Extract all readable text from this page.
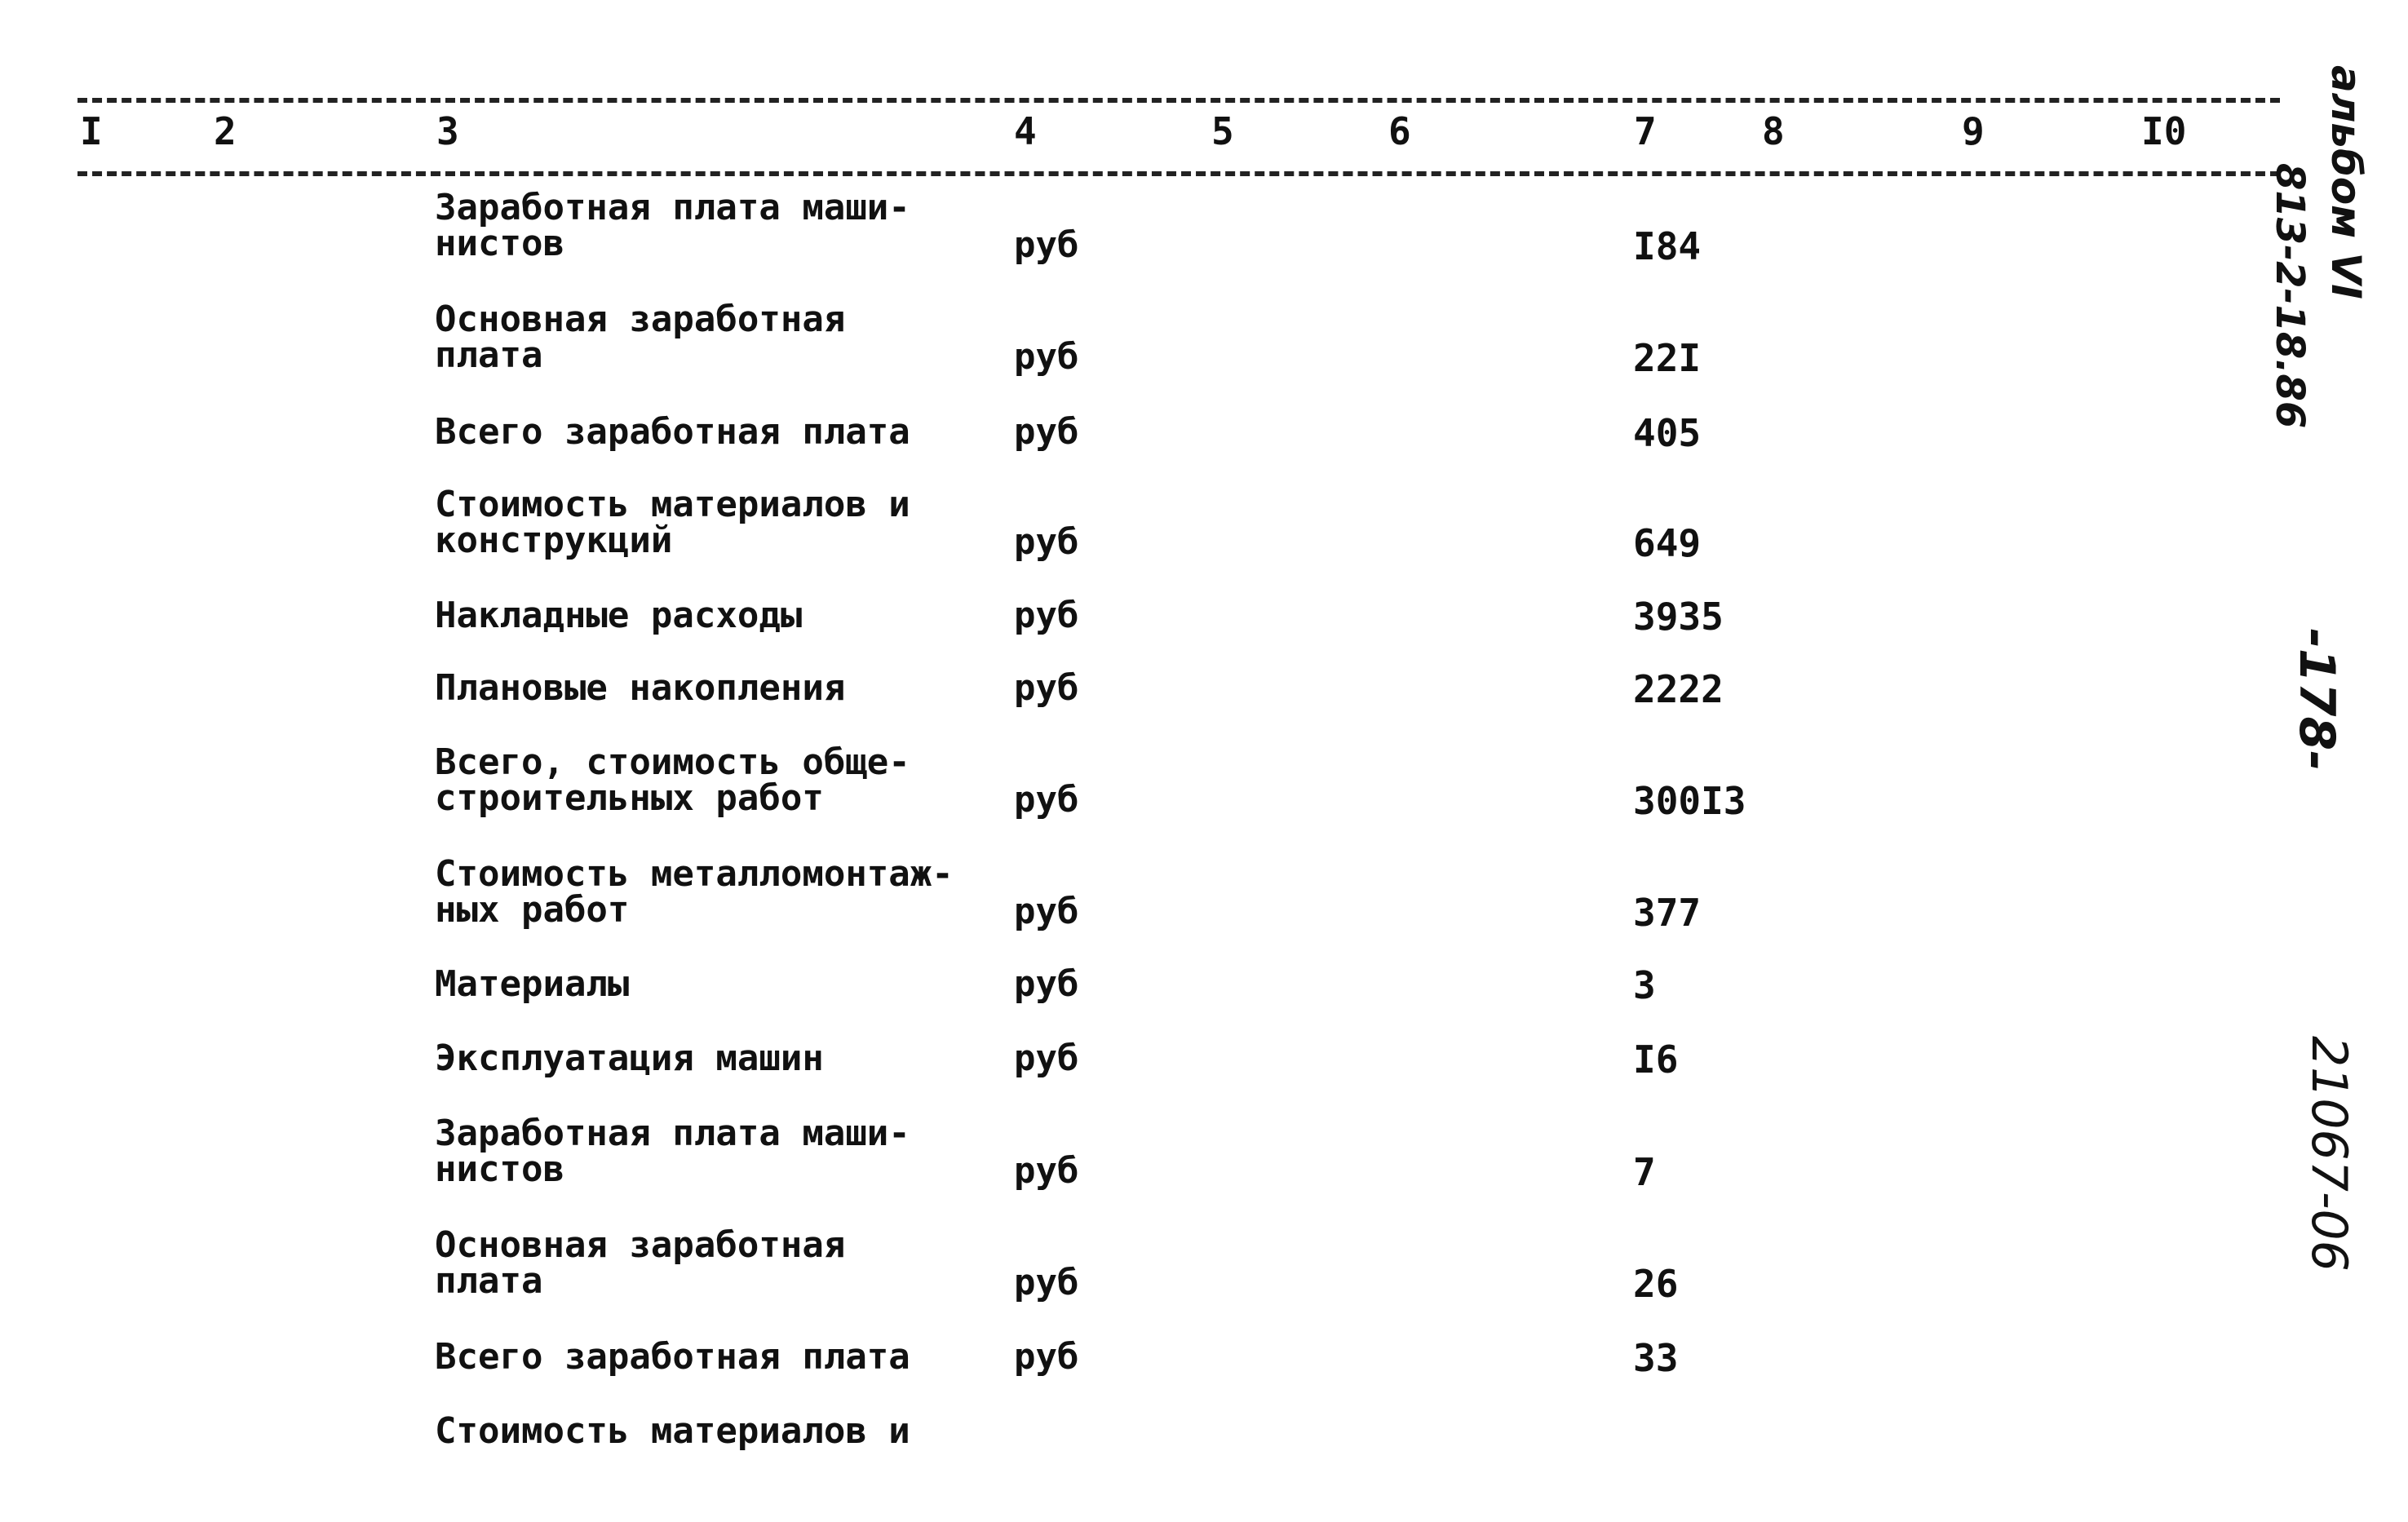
I	2	3	4	5	6	7	8	9	I0
Заработная плата маши-
нистов	руб	I84
Основная заработная
плата	руб	22I
Всего заработная плата	руб	405
Стоимость материалов и
конструкций	руб	649
Накладные расходы	руб	3935
Плановые накопления	руб	2222
Всего, стоимость обще-
строительных работ	руб	300I3
Стоимость металломонтаж-
ных работ	руб	377
Материалы	руб	3
Эксплуатация машин	руб	I6
Заработная плата маши-
нистов	руб	7
Основная заработная
плата	руб	26
Всего заработная плата	руб	33
Стоимость материалов и
альбом VI
813-2-18.86
-178-
21067-06
